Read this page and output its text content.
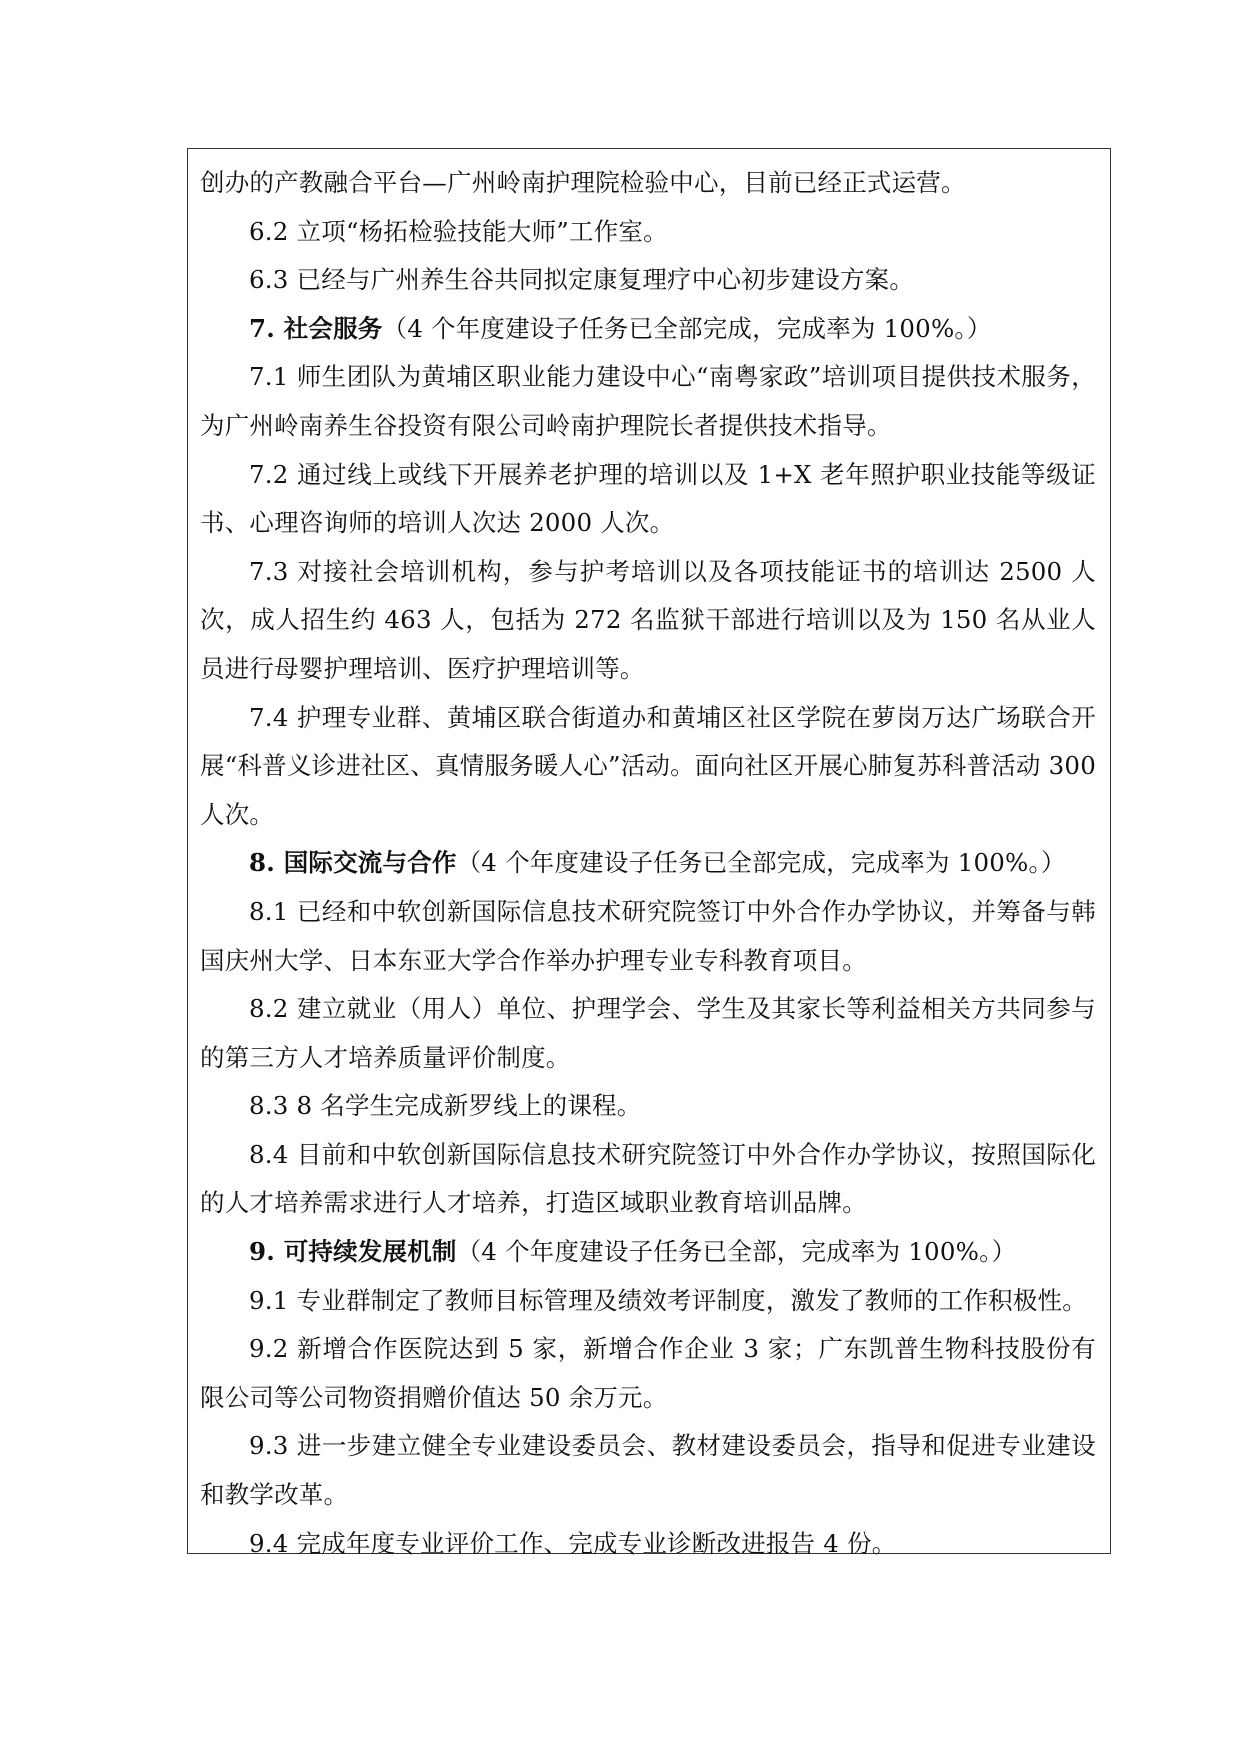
创办的产教融合平台—广州岭南护理院检验中心，目前已经正式运营。

6.2 立项“杨拓检验技能大师”工作室。

6.3 已经与广州养生谷共同拟定康复理疗中心初步建设方案。

7. 社会服务（4 个年度建设子任务已全部完成，完成率为 100%。）

7.1 师生团队为黄埔区职业能力建设中心“南粤家政”培训项目提供技术服务，为广州岭南养生谷投资有限公司岭南护理院长者提供技术指导。

7.2 通过线上或线下开展养老护理的培训以及 1+X 老年照护职业技能等级证书、心理咨询师的培训人次达 2000 人次。

7.3 对接社会培训机构，参与护考培训以及各项技能证书的培训达 2500 人次，成人招生约 463 人，包括为 272 名监狱干部进行培训以及为 150 名从业人员进行母婴护理培训、医疗护理培训等。

7.4 护理专业群、黄埔区联合街道办和黄埔区社区学院在萝岗万达广场联合开展“科普义诊进社区、真情服务暖人心”活动。面向社区开展心肺复苏科普活动 300 人次。

8. 国际交流与合作（4 个年度建设子任务已全部完成，完成率为 100%。）

8.1 已经和中软创新国际信息技术研究院签订中外合作办学协议，并筹备与韩国庆州大学、日本东亚大学合作举办护理专业专科教育项目。

8.2 建立就业（用人）单位、护理学会、学生及其家长等利益相关方共同参与的第三方人才培养质量评价制度。

8.3 8 名学生完成新罗线上的课程。

8.4 目前和中软创新国际信息技术研究院签订中外合作办学协议，按照国际化的人才培养需求进行人才培养，打造区域职业教育培训品牌。

9. 可持续发展机制（4 个年度建设子任务已全部，完成率为 100%。）

9.1 专业群制定了教师目标管理及绩效考评制度，激发了教师的工作积极性。

9.2 新增合作医院达到 5 家，新增合作企业 3 家；广东凯普生物科技股份有限公司等公司物资捐赠价值达 50 余万元。

9.3 进一步建立健全专业建设委员会、教材建设委员会，指导和促进专业建设和教学改革。

9.4 完成年度专业评价工作、完成专业诊断改进报告 4 份。
